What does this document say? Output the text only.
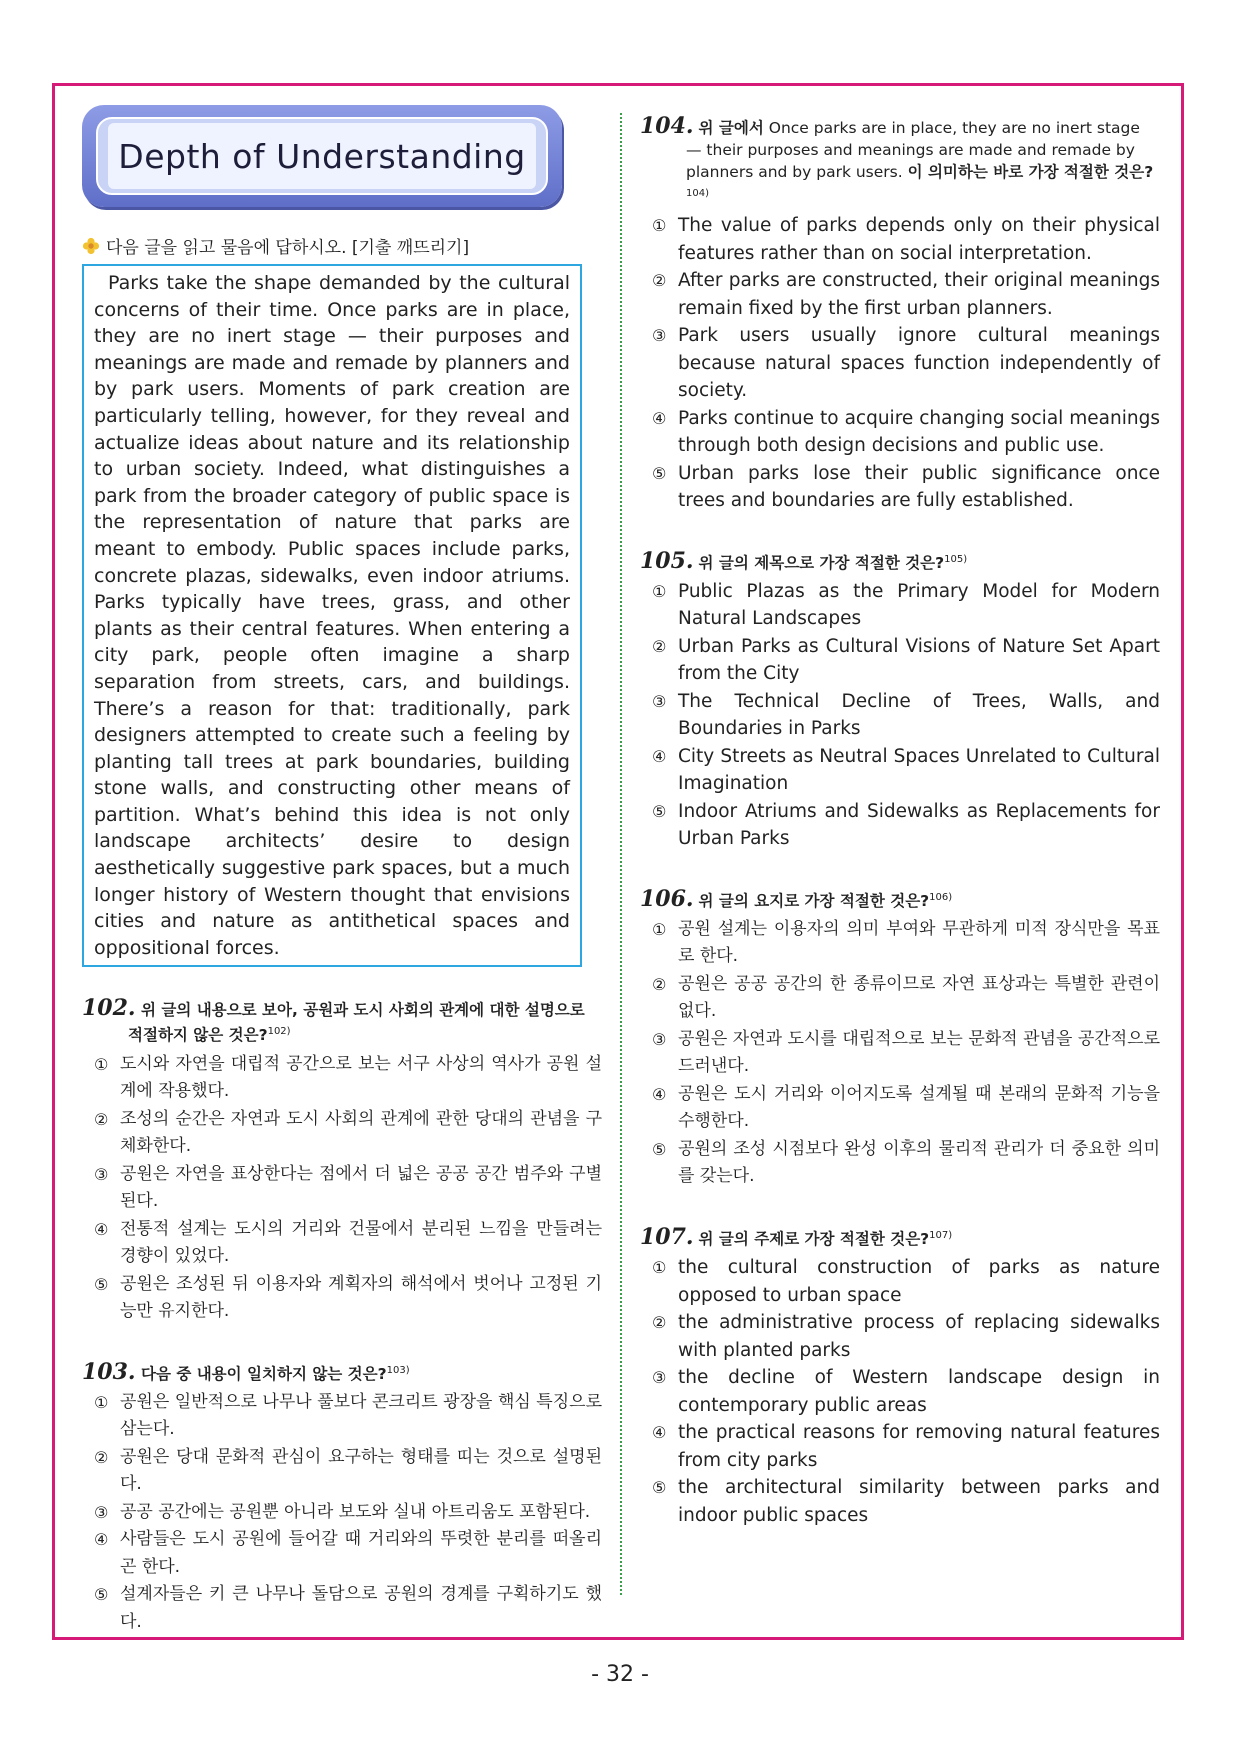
Depth of Understanding
다음 글을 읽고 물음에 답하시오. [기출 깨뜨리기]

Parks take the shape demanded by the cultural concerns of their time. Once parks are in place, they are no inert stage — their purposes and meanings are made and remade by planners and by park users. Moments of park creation are particularly telling, however, for they reveal and actualize ideas about nature and its relationship to urban society. Indeed, what distinguishes a park from the broader category of public space is the representation of nature that parks are meant to embody. Public spaces include parks, concrete plazas, sidewalks, even indoor atriums. Parks typically have trees, grass, and other plants as their central features. When entering a city park, people often imagine a sharp separation from streets, cars, and buildings. There’s a reason for that: traditionally, park designers attempted to create such a feeling by planting tall trees at park boundaries, building stone walls, and constructing other means of partition. What’s behind this idea is not only landscape architects’ desire to design aesthetically suggestive park spaces, but a much longer history of Western thought that envisions cities and nature as antithetical spaces and oppositional forces.

102. 위 글의 내용으로 보아, 공원과 도시 사회의 관계에 대한 설명으로 적절하지 않은 것은?$^{102)}$
① 도시와 자연을 대립적 공간으로 보는 서구 사상의 역사가 공원 설계에 작용했다.
② 조성의 순간은 자연과 도시 사회의 관계에 관한 당대의 관념을 구체화한다.
③ 공원은 자연을 표상한다는 점에서 더 넓은 공공 공간 범주와 구별된다.
④ 전통적 설계는 도시의 거리와 건물에서 분리된 느낌을 만들려는 경향이 있었다.
⑤ 공원은 조성된 뒤 이용자와 계획자의 해석에서 벗어나 고정된 기능만 유지한다.
103. 다음 중 내용이 일치하지 않는 것은?$^{103)}$
① 공원은 일반적으로 나무나 풀보다 콘크리트 광장을 핵심 특징으로 삼는다.
② 공원은 당대 문화적 관심이 요구하는 형태를 띠는 것으로 설명된다.
③ 공공 공간에는 공원뿐 아니라 보도와 실내 아트리움도 포함된다.
④ 사람들은 도시 공원에 들어갈 때 거리와의 뚜렷한 분리를 떠올리곤 한다.
⑤ 설계자들은 키 큰 나무나 돌담으로 공원의 경계를 구획하기도 했다.
104. 위 글에서 Once parks are in place, they are no inert stage — their purposes and meanings are made and remade by planners and by park users. 이 의미하는 바로 가장 적절한 것은?$^{104)}$
① The value of parks depends only on their physical features rather than on social interpretation.
② After parks are constructed, their original meanings remain fixed by the first urban planners.
③ Park users usually ignore cultural meanings because natural spaces function independently of society.
④ Parks continue to acquire changing social meanings through both design decisions and public use.
⑤ Urban parks lose their public significance once trees and boundaries are fully established.
105. 위 글의 제목으로 가장 적절한 것은?$^{105)}$
① Public Plazas as the Primary Model for Modern Natural Landscapes
② Urban Parks as Cultural Visions of Nature Set Apart from the City
③ The Technical Decline of Trees, Walls, and Boundaries in Parks
④ City Streets as Neutral Spaces Unrelated to Cultural Imagination
⑤ Indoor Atriums and Sidewalks as Replacements for Urban Parks
106. 위 글의 요지로 가장 적절한 것은?$^{106)}$
① 공원 설계는 이용자의 의미 부여와 무관하게 미적 장식만을 목표로 한다.
② 공원은 공공 공간의 한 종류이므로 자연 표상과는 특별한 관련이 없다.
③ 공원은 자연과 도시를 대립적으로 보는 문화적 관념을 공간적으로 드러낸다.
④ 공원은 도시 거리와 이어지도록 설계될 때 본래의 문화적 기능을 수행한다.
⑤ 공원의 조성 시점보다 완성 이후의 물리적 관리가 더 중요한 의미를 갖는다.
107. 위 글의 주제로 가장 적절한 것은?$^{107)}$
① the cultural construction of parks as nature opposed to urban space
② the administrative process of replacing sidewalks with planted parks
③ the decline of Western landscape design in contemporary public areas
④ the practical reasons for removing natural features from city parks
⑤ the architectural similarity between parks and indoor public spaces
- 32 -
